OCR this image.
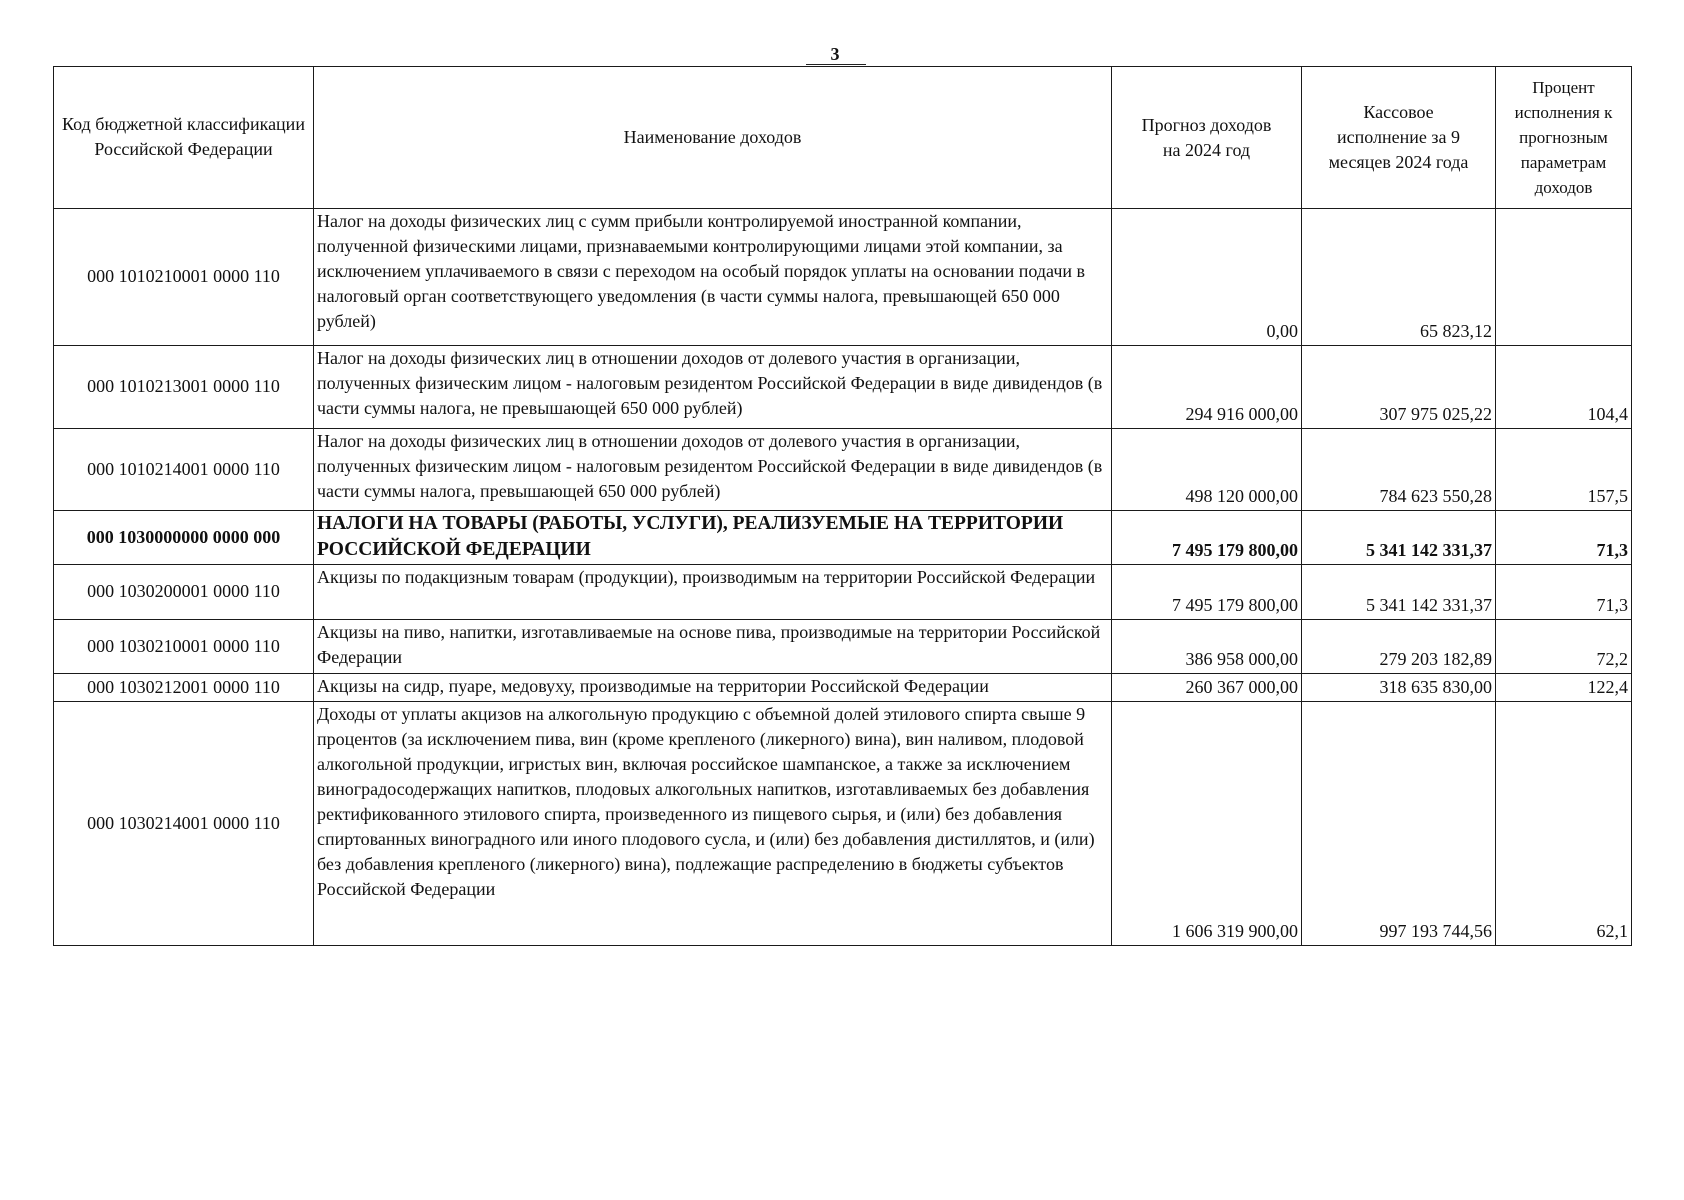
3
Код бюджетной классификации Российской Федерации	Наименование доходов	Прогноз доходов на 2024 год	Кассовое исполнение за 9 месяцев 2024 года	Процент исполнения к прогнозным параметрам доходов
000 1010210001 0000 110	Налог на доходы физических лиц с сумм прибыли контролируемой иностранной компании, полученной физическими лицами, признаваемыми контролирующими лицами этой компании, за исключением уплачиваемого в связи с переходом на особый порядок уплаты на основании подачи в налоговый орган соответствующего уведомления (в части суммы налога, превышающей 650 000 рублей)	0,00	65 823,12	
000 1010213001 0000 110	Налог на доходы физических лиц в отношении доходов от долевого участия в организации, полученных физическим лицом - налоговым резидентом Российской Федерации в виде дивидендов (в части суммы налога, не превышающей 650 000 рублей)	294 916 000,00	307 975 025,22	104,4
000 1010214001 0000 110	Налог на доходы физических лиц в отношении доходов от долевого участия в организации, полученных физическим лицом - налоговым резидентом Российской Федерации в виде дивидендов (в части суммы налога, превышающей 650 000 рублей)	498 120 000,00	784 623 550,28	157,5
000 1030000000 0000 000	НАЛОГИ НА ТОВАРЫ (РАБОТЫ, УСЛУГИ), РЕАЛИЗУЕМЫЕ НА ТЕРРИТОРИИ РОССИЙСКОЙ ФЕДЕРАЦИИ	7 495 179 800,00	5 341 142 331,37	71,3
000 1030200001 0000 110	Акцизы по подакцизным товарам (продукции), производимым на территории Российской Федерации	7 495 179 800,00	5 341 142 331,37	71,3
000 1030210001 0000 110	Акцизы на пиво, напитки, изготавливаемые на основе пива, производимые на территории Российской Федерации	386 958 000,00	279 203 182,89	72,2
000 1030212001 0000 110	Акцизы на сидр, пуаре, медовуху, производимые на территории Российской Федерации	260 367 000,00	318 635 830,00	122,4
000 1030214001 0000 110	Доходы от уплаты акцизов на алкогольную продукцию с объемной долей этилового спирта свыше 9 процентов (за исключением пива, вин (кроме крепленого (ликерного) вина), вин наливом, плодовой алкогольной продукции, игристых вин, включая российское шампанское, а также за исключением виноградосодержащих напитков, плодовых алкогольных напитков, изготавливаемых без добавления ректификованного этилового спирта, произведенного из пищевого сырья, и (или) без добавления спиртованных виноградного или иного плодового сусла, и (или) без добавления дистиллятов, и (или) без добавления крепленого (ликерного) вина), подлежащие распределению в бюджеты субъектов Российской Федерации	1 606 319 900,00	997 193 744,56	62,1
